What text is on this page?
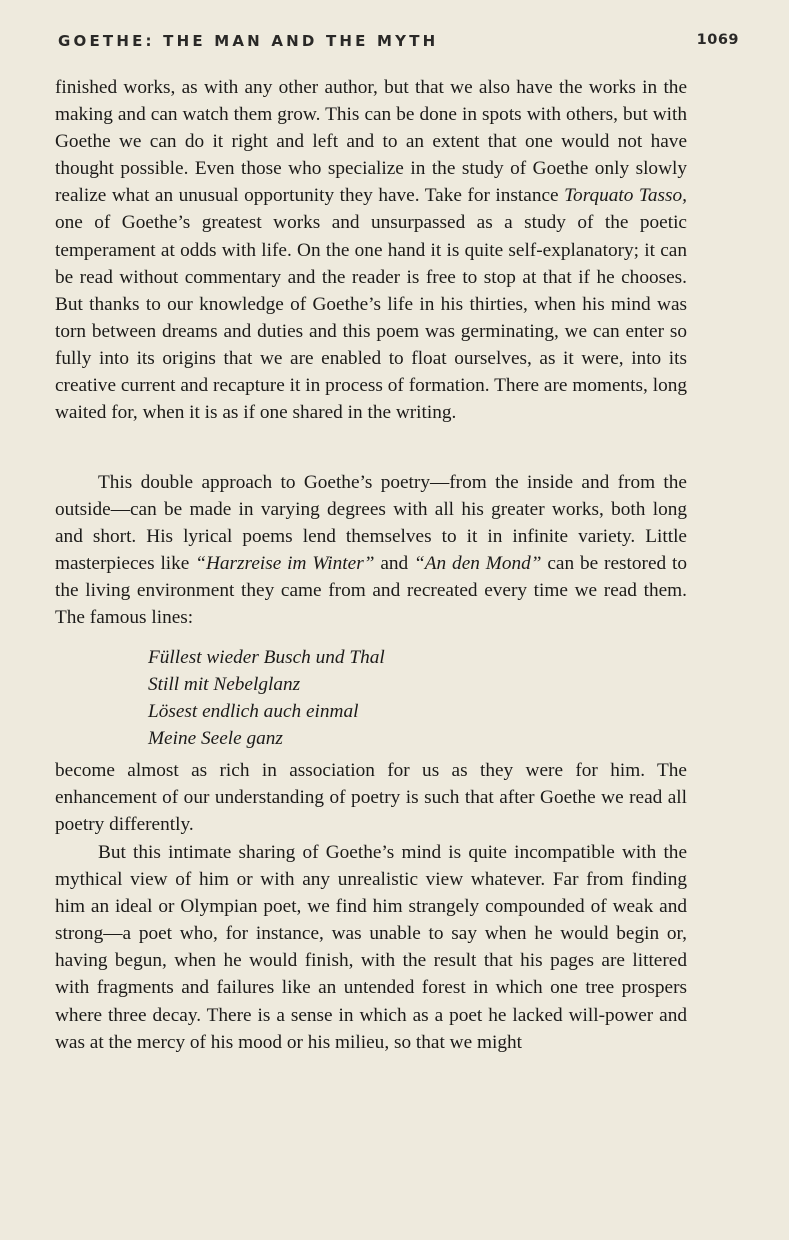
GOETHE: THE MAN AND THE MYTH	1069

finished works, as with any other author, but that we also have the works in the making and can watch them grow. This can be done in spots with others, but with Goethe we can do it right and left and to an extent that one would not have thought possible. Even those who specialize in the study of Goethe only slowly realize what an unusual opportunity they have. Take for instance Torquato Tasso, one of Goethe’s greatest works and unsurpassed as a study of the poetic temperament at odds with life. On the one hand it is quite self-explanatory; it can be read without commentary and the reader is free to stop at that if he chooses. But thanks to our knowledge of Goethe’s life in his thirties, when his mind was torn between dreams and duties and this poem was germinating, we can enter so fully into its origins that we are enabled to float ourselves, as it were, into its creative current and recapture it in process of formation. There are moments, long waited for, when it is as if one shared in the writing.

This double approach to Goethe’s poetry—from the inside and from the outside—can be made in varying degrees with all his greater works, both long and short. His lyrical poems lend themselves to it in infinite variety. Little masterpieces like “Harzreise im Winter” and “An den Mond” can be restored to the living environment they came from and recreated every time we read them. The famous lines:

Füllest wieder Busch und Thal
Still mit Nebelglanz
Lösest endlich auch einmal
Meine Seele ganz

become almost as rich in association for us as they were for him. The enhancement of our understanding of poetry is such that after Goethe we read all poetry differently.

But this intimate sharing of Goethe’s mind is quite incompatible with the mythical view of him or with any unrealistic view whatever. Far from finding him an ideal or Olympian poet, we find him strangely compounded of weak and strong—a poet who, for instance, was unable to say when he would begin or, having begun, when he would finish, with the result that his pages are littered with fragments and failures like an untended forest in which one tree prospers where three decay. There is a sense in which as a poet he lacked will-power and was at the mercy of his mood or his milieu, so that we might
